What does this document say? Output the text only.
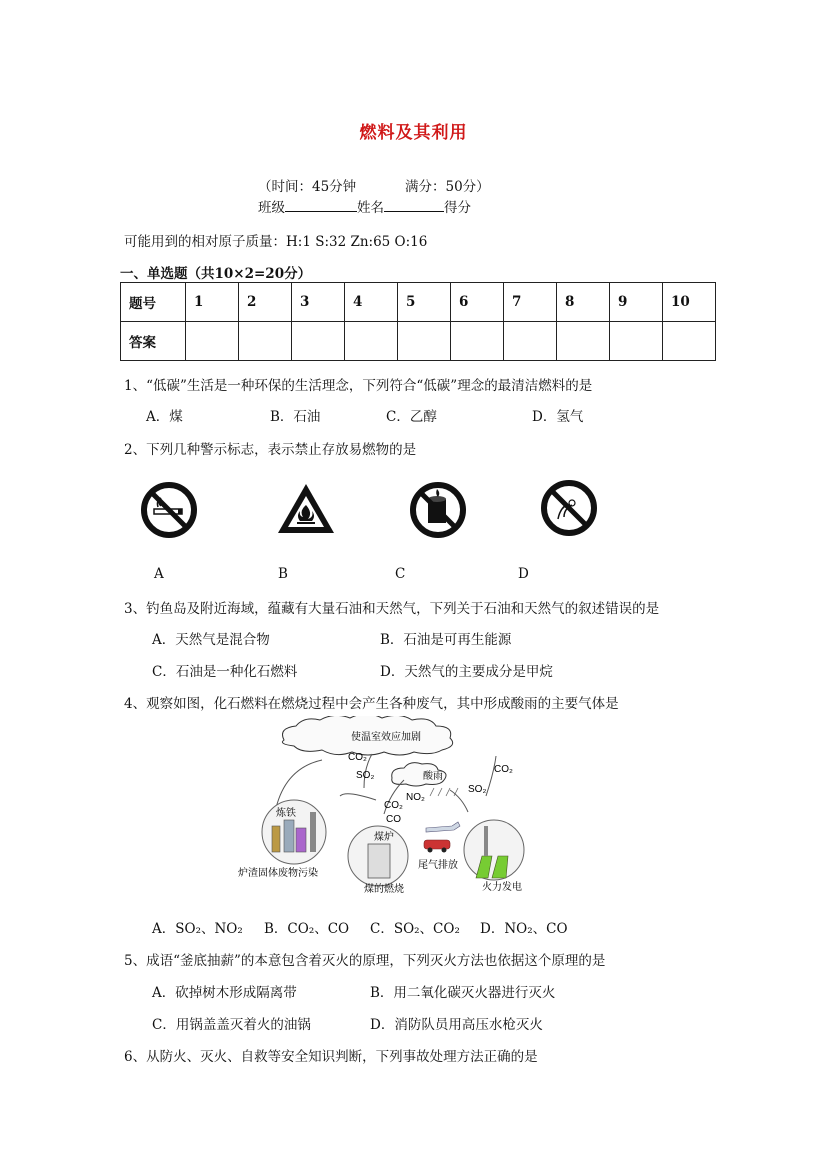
燃料及其利用
（时间：45分钟	满分：50分）
班级	姓名	得分
可能用到的相对原子质量：H:1 S:32 Zn:65 O:16
一、单选题（共10×2=20分）
题号	1	2	3	4	5	6	7	8	9	10
答案										
1、“低碳”生活是一种环保的生活理念，下列符合“低碳”理念的最清洁燃料的是
A．煤	B．石油	C．乙醇	D．氢气
2、下列几种警示标志，表示禁止存放易燃物的是
A	B	C	D
3、钓鱼岛及附近海域，蕴藏有大量石油和天然气，下列关于石油和天然气的叙述错误的是
A．天然气是混合物	B．石油是可再生能源
C．石油是一种化石燃料	D．天然气的主要成分是甲烷
4、观察如图，化石燃料在燃烧过程中会产生各种废气，其中形成酸雨的主要气体是
使温室效应加剧
酸雨
CO₂
SO₂
CO₂
SO₂
NO₂
CO₂
CO
炼铁
炉渣固体废物污染
煤炉
煤的燃烧
尾气排放
火力发电
A．SO₂、NO₂ B．CO₂、CO C．SO₂、CO₂ D．NO₂、CO
5、成语“釜底抽薪”的本意包含着灭火的原理，下列灭火方法也依据这个原理的是
A．砍掉树木形成隔离带	B．用二氧化碳灭火器进行灭火
C．用锅盖盖灭着火的油锅	D．消防队员用高压水枪灭火
6、从防火、灭火、自救等安全知识判断，下列事故处理方法正确的是
